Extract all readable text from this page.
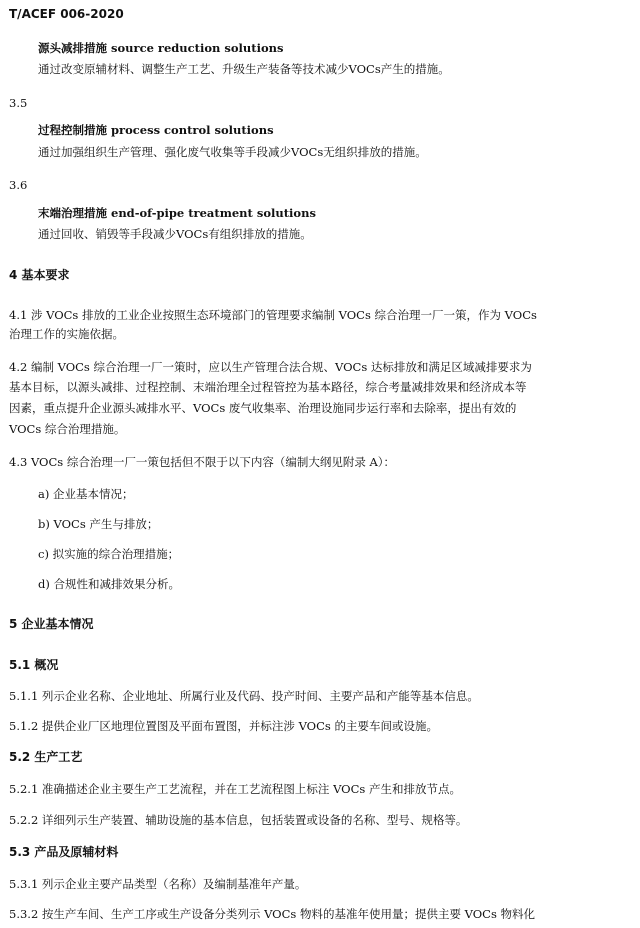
T/ACEF 006-2020
源头减排措施 source reduction solutions
通过改变原辅材料、调整生产工艺、升级生产装备等技术减少VOCs产生的措施。
3.5
过程控制措施 process control solutions
通过加强组织生产管理、强化废气收集等手段减少VOCs无组织排放的措施。
3.6
末端治理措施 end-of-pipe treatment solutions
通过回收、销毁等手段减少VOCs有组织排放的措施。
4 基本要求
4.1 涉 VOCs 排放的工业企业按照生态环境部门的管理要求编制 VOCs 综合治理一厂一策，作为 VOCs
治理工作的实施依据。
4.2 编制 VOCs 综合治理一厂一策时，应以生产管理合法合规、VOCs 达标排放和满足区域减排要求为
基本目标，以源头减排、过程控制、末端治理全过程管控为基本路径，综合考量减排效果和经济成本等
因素，重点提升企业源头减排水平、VOCs 废气收集率、治理设施同步运行率和去除率，提出有效的
VOCs 综合治理措施。
4.3 VOCs 综合治理一厂一策包括但不限于以下内容（编制大纲见附录 A）：
a) 企业基本情况；
b) VOCs 产生与排放；
c) 拟实施的综合治理措施；
d) 合规性和减排效果分析。
5 企业基本情况
5.1 概况
5.1.1 列示企业名称、企业地址、所属行业及代码、投产时间、主要产品和产能等基本信息。
5.1.2 提供企业厂区地理位置图及平面布置图，并标注涉 VOCs 的主要车间或设施。
5.2 生产工艺
5.2.1 准确描述企业主要生产工艺流程，并在工艺流程图上标注 VOCs 产生和排放节点。
5.2.2 详细列示生产装置、辅助设施的基本信息，包括装置或设备的名称、型号、规格等。
5.3 产品及原辅材料
5.3.1 列示企业主要产品类型（名称）及编制基准年产量。
5.3.2 按生产车间、生产工序或生产设备分类列示 VOCs 物料的基准年使用量；提供主要 VOCs 物料化
